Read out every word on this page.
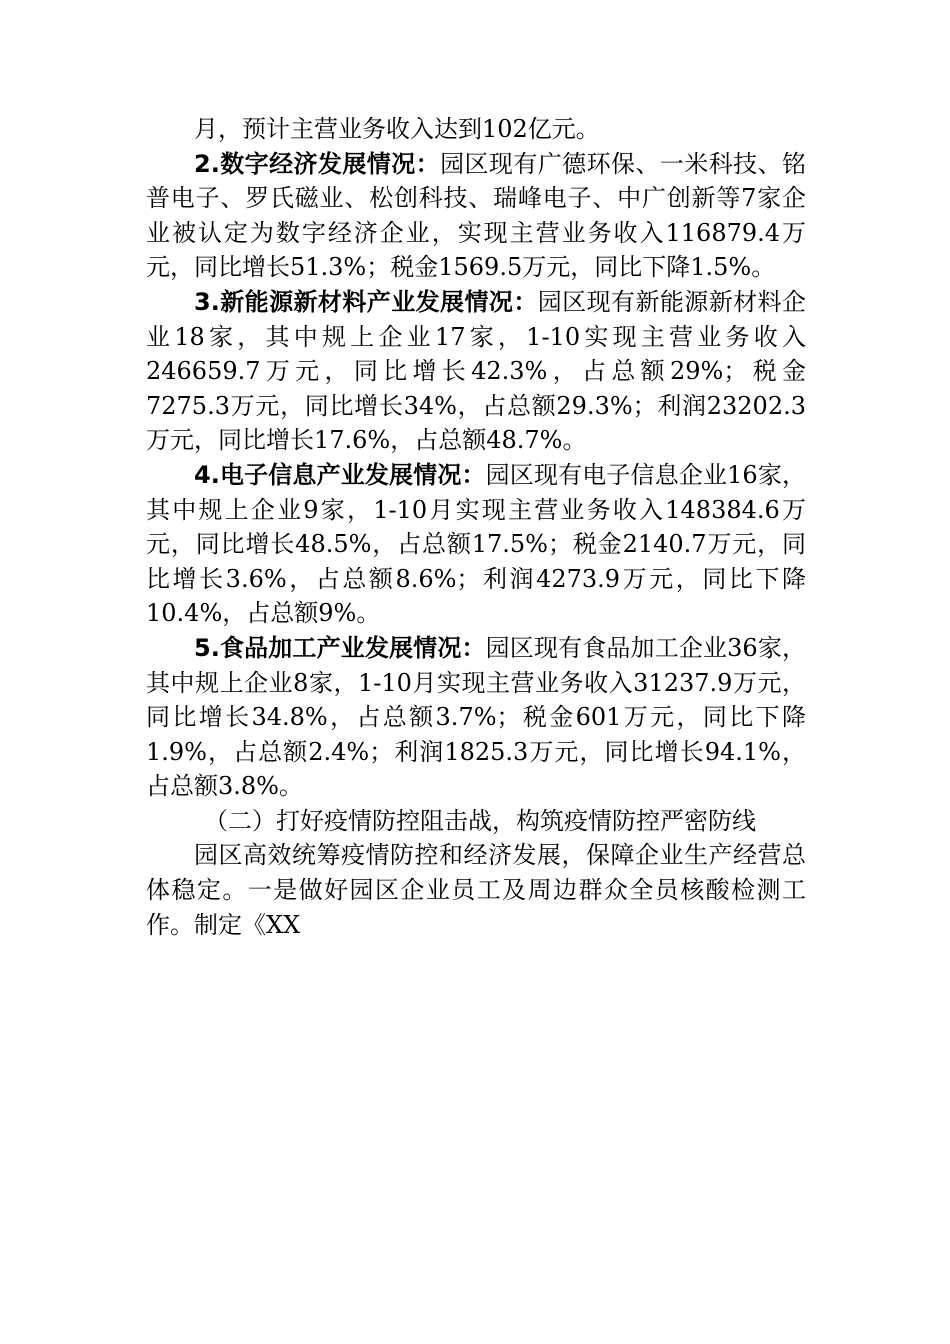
月，预计主营业务收入达到102亿元。

2.数字经济发展情况：园区现有广德环保、一米科技、铭普电子、罗氏磁业、松创科技、瑞峰电子、中广创新等7家企业被认定为数字经济企业，实现主营业务收入116879.4万元，同比增长51.3%；税金1569.5万元，同比下降1.5%。

3.新能源新材料产业发展情况：园区现有新能源新材料企业18家，其中规上企业17家，1-10实现主营业务收入246659.7万元，同比增长42.3%，占总额29%；税金7275.3万元，同比增长34%，占总额29.3%；利润23202.3万元，同比增长17.6%，占总额48.7%。

4.电子信息产业发展情况：园区现有电子信息企业16家，其中规上企业9家，1-10月实现主营业务收入148384.6万元，同比增长48.5%，占总额17.5%；税金2140.7万元，同比增长3.6%，占总额8.6%；利润4273.9万元，同比下降10.4%，占总额9%。

5.食品加工产业发展情况：园区现有食品加工企业36家，其中规上企业8家，1-10月实现主营业务收入31237.9万元，同比增长34.8%，占总额3.7%；税金601万元，同比下降1.9%，占总额2.4%；利润1825.3万元，同比增长94.1%，占总额3.8%。

（二）打好疫情防控阻击战，构筑疫情防控严密防线

园区高效统筹疫情防控和经济发展，保障企业生产经营总体稳定。一是做好园区企业员工及周边群众全员核酸检测工作。制定《XX
